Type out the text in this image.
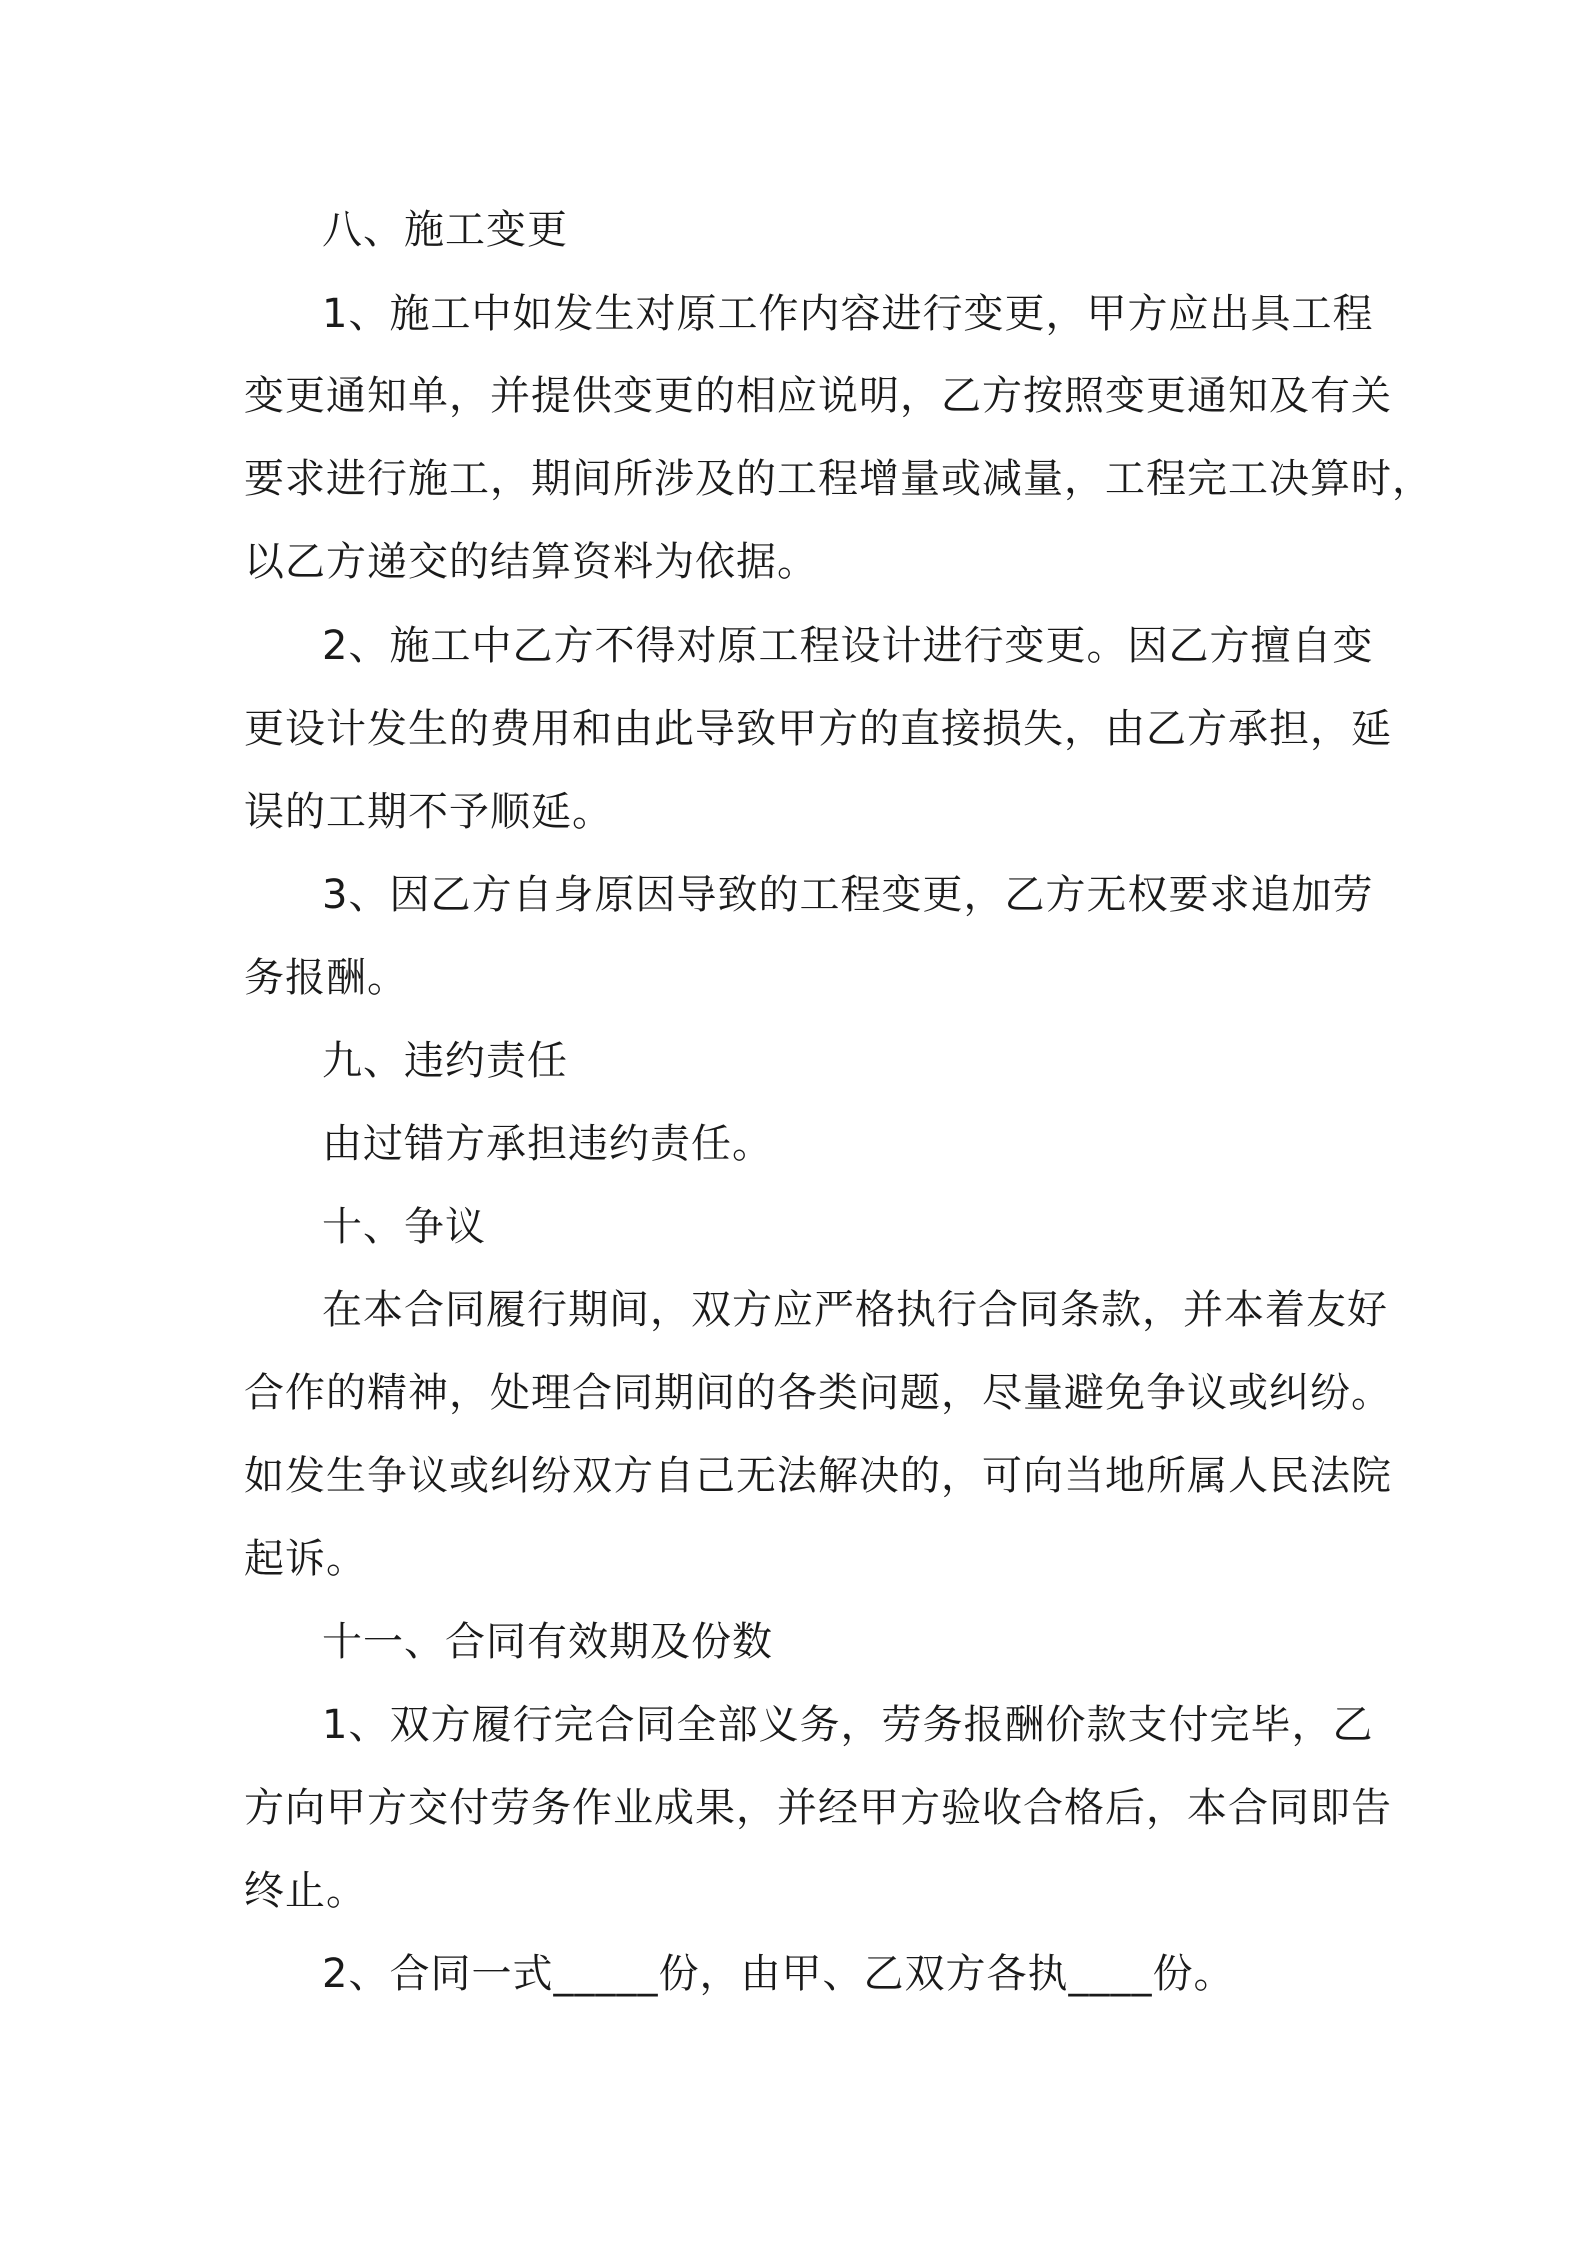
八、施工变更
1、施工中如发生对原工作内容进行变更，甲方应出具工程
变更通知单，并提供变更的相应说明，乙方按照变更通知及有关
要求进行施工，期间所涉及的工程增量或减量，工程完工决算时，
以乙方递交的结算资料为依据。
2、施工中乙方不得对原工程设计进行变更。因乙方擅自变
更设计发生的费用和由此导致甲方的直接损失，由乙方承担，延
误的工期不予顺延。
3、因乙方自身原因导致的工程变更，乙方无权要求追加劳
务报酬。
九、违约责任
由过错方承担违约责任。
十、争议
在本合同履行期间，双方应严格执行合同条款，并本着友好
合作的精神，处理合同期间的各类问题，尽量避免争议或纠纷。
如发生争议或纠纷双方自己无法解决的，可向当地所属人民法院
起诉。
十一、合同有效期及份数
1、双方履行完合同全部义务，劳务报酬价款支付完毕，乙
方向甲方交付劳务作业成果，并经甲方验收合格后，本合同即告
终止。
2、合同一式_____份，由甲、乙双方各执____份。
